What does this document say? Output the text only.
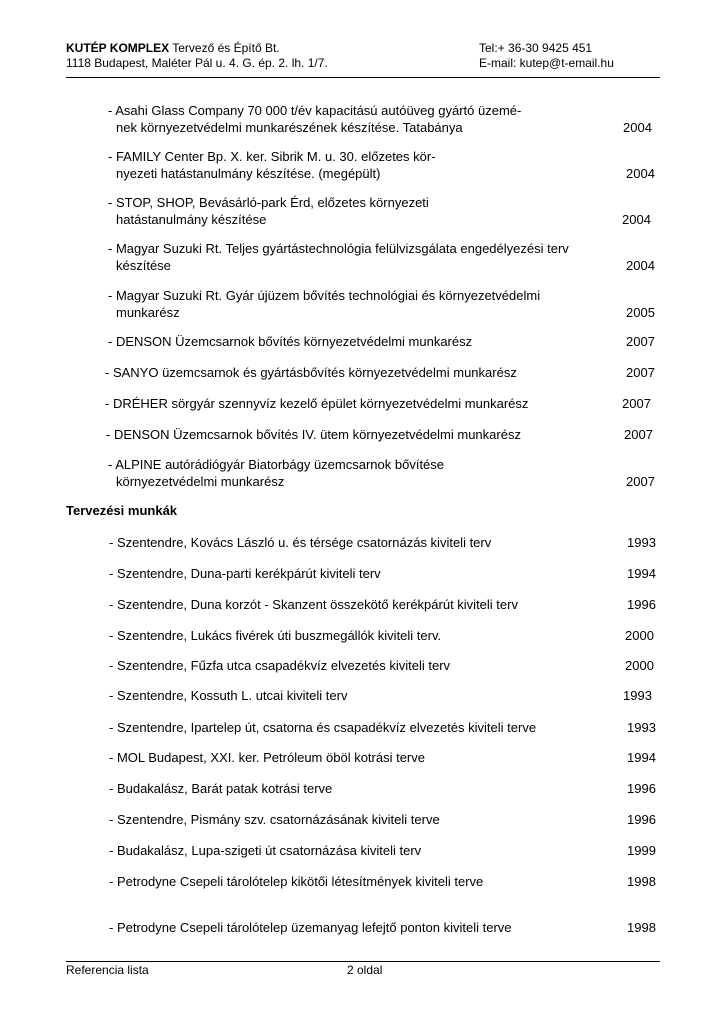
KUTÉP KOMPLEX Tervező és Építő Bt.
1118 Budapest, Maléter Pál u. 4. G. ép. 2. lh. 1/7.
Tel:+ 36-30 9425 451
E-mail: kutep@t-email.hu
- Asahi Glass Company 70 000 t/év kapacitású autóüveg gyártó üzemé-
nek környezetvédelmi munkarészének készítése. Tatabánya	2004
- FAMILY Center Bp. X. ker. Sibrik M. u. 30. előzetes kör-
nyezeti hatástanulmány készítése. (megépült)	2004
- STOP, SHOP, Bevásárló-park Érd, előzetes környezeti
hatástanulmány készítése	2004
- Magyar Suzuki Rt. Teljes gyártástechnológia felülvizsgálata engedélyezési terv
készítése	2004
- Magyar Suzuki Rt. Gyár újüzem bővítés technológiai és környezetvédelmi
munkarész	2005
- DENSON Üzemcsarnok bővítés környezetvédelmi munkarész	2007
- SANYO üzemcsarnok és gyártásbővítés környezetvédelmi munkarész	2007
- DRÉHER sörgyár szennyvíz kezelő épület környezetvédelmi munkarész	2007
- DENSON Üzemcsarnok bővítés IV. ütem környezetvédelmi munkarész	2007
- ALPINE autórádiógyár Biatorbágy üzemcsarnok bővítése
környezetvédelmi munkarész	2007
Tervezési munkák
- Szentendre, Kovács László u. és térsége csatornázás kiviteli terv	1993
- Szentendre, Duna-parti kerékpárút kiviteli terv	1994
- Szentendre, Duna korzót - Skanzent összekötő kerékpárút kiviteli terv	1996
- Szentendre, Lukács fivérek úti buszmegállók kiviteli terv.	2000
- Szentendre, Fűzfa utca csapadékvíz elvezetés kiviteli terv	2000
- Szentendre, Kossuth L. utcai kiviteli terv	1993
- Szentendre, Ipartelep út, csatorna és csapadékvíz elvezetés kiviteli terve	1993
- MOL Budapest, XXI. ker. Petróleum öböl kotrási terve	1994
- Budakalász, Barát patak kotrási terve	1996
- Szentendre, Pismány szv. csatornázásának kiviteli terve	1996
- Budakalász, Lupa-szigeti út csatornázása kiviteli terv	1999
- Petrodyne Csepeli tárolótelep kikötői létesítmények kiviteli terve	1998
- Petrodyne Csepeli tárolótelep üzemanyag lefejtő ponton kiviteli terve	1998
Referencia lista	2 oldal
